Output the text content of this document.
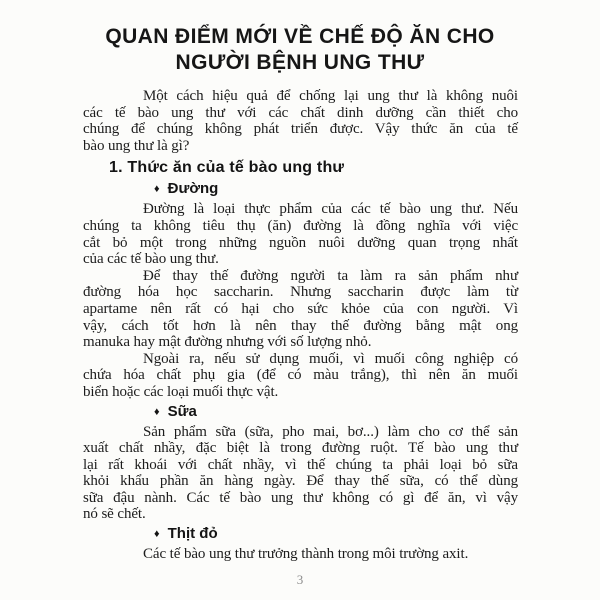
QUAN ĐIỂM MỚI VỀ CHẾ ĐỘ ĂN CHO
NGƯỜI BỆNH UNG THƯ
Một cách hiệu quả để chống lại ung thư là không nuôi
các tế bào ung thư với các chất dinh dưỡng cần thiết cho
chúng để chúng không phát triển được. Vậy thức ăn của tế
bào ung thư là gì?
1. Thức ăn của tế bào ung thư
♦ Đường
Đường là loại thực phẩm của các tế bào ung thư. Nếu
chúng ta không tiêu thụ (ăn) đường là đồng nghĩa với việc
cắt bỏ một trong những nguồn nuôi dưỡng quan trọng nhất
của các tế bào ung thư.
Để thay thế đường người ta làm ra sản phẩm như
đường hóa học saccharin. Nhưng saccharin được làm từ
apartame nên rất có hại cho sức khỏe của con người. Vì
vậy, cách tốt hơn là nên thay thế đường bằng mật ong
manuka hay mật đường nhưng với số lượng nhỏ.
Ngoài ra, nếu sử dụng muối, vì muối công nghiệp có
chứa hóa chất phụ gia (để có màu trắng), thì nên ăn muối
biển hoặc các loại muối thực vật.
♦ Sữa
Sản phẩm sữa (sữa, pho mai, bơ...) làm cho cơ thể sản
xuất chất nhầy, đặc biệt là trong đường ruột. Tế bào ung thư
lại rất khoái với chất nhầy, vì thế chúng ta phải loại bỏ sữa
khỏi khẩu phần ăn hàng ngày. Để thay thế sữa, có thể dùng
sữa đậu nành. Các tế bào ung thư không có gì để ăn, vì vậy
nó sẽ chết.
♦ Thịt đỏ
Các tế bào ung thư trưởng thành trong môi trường axit.
3
